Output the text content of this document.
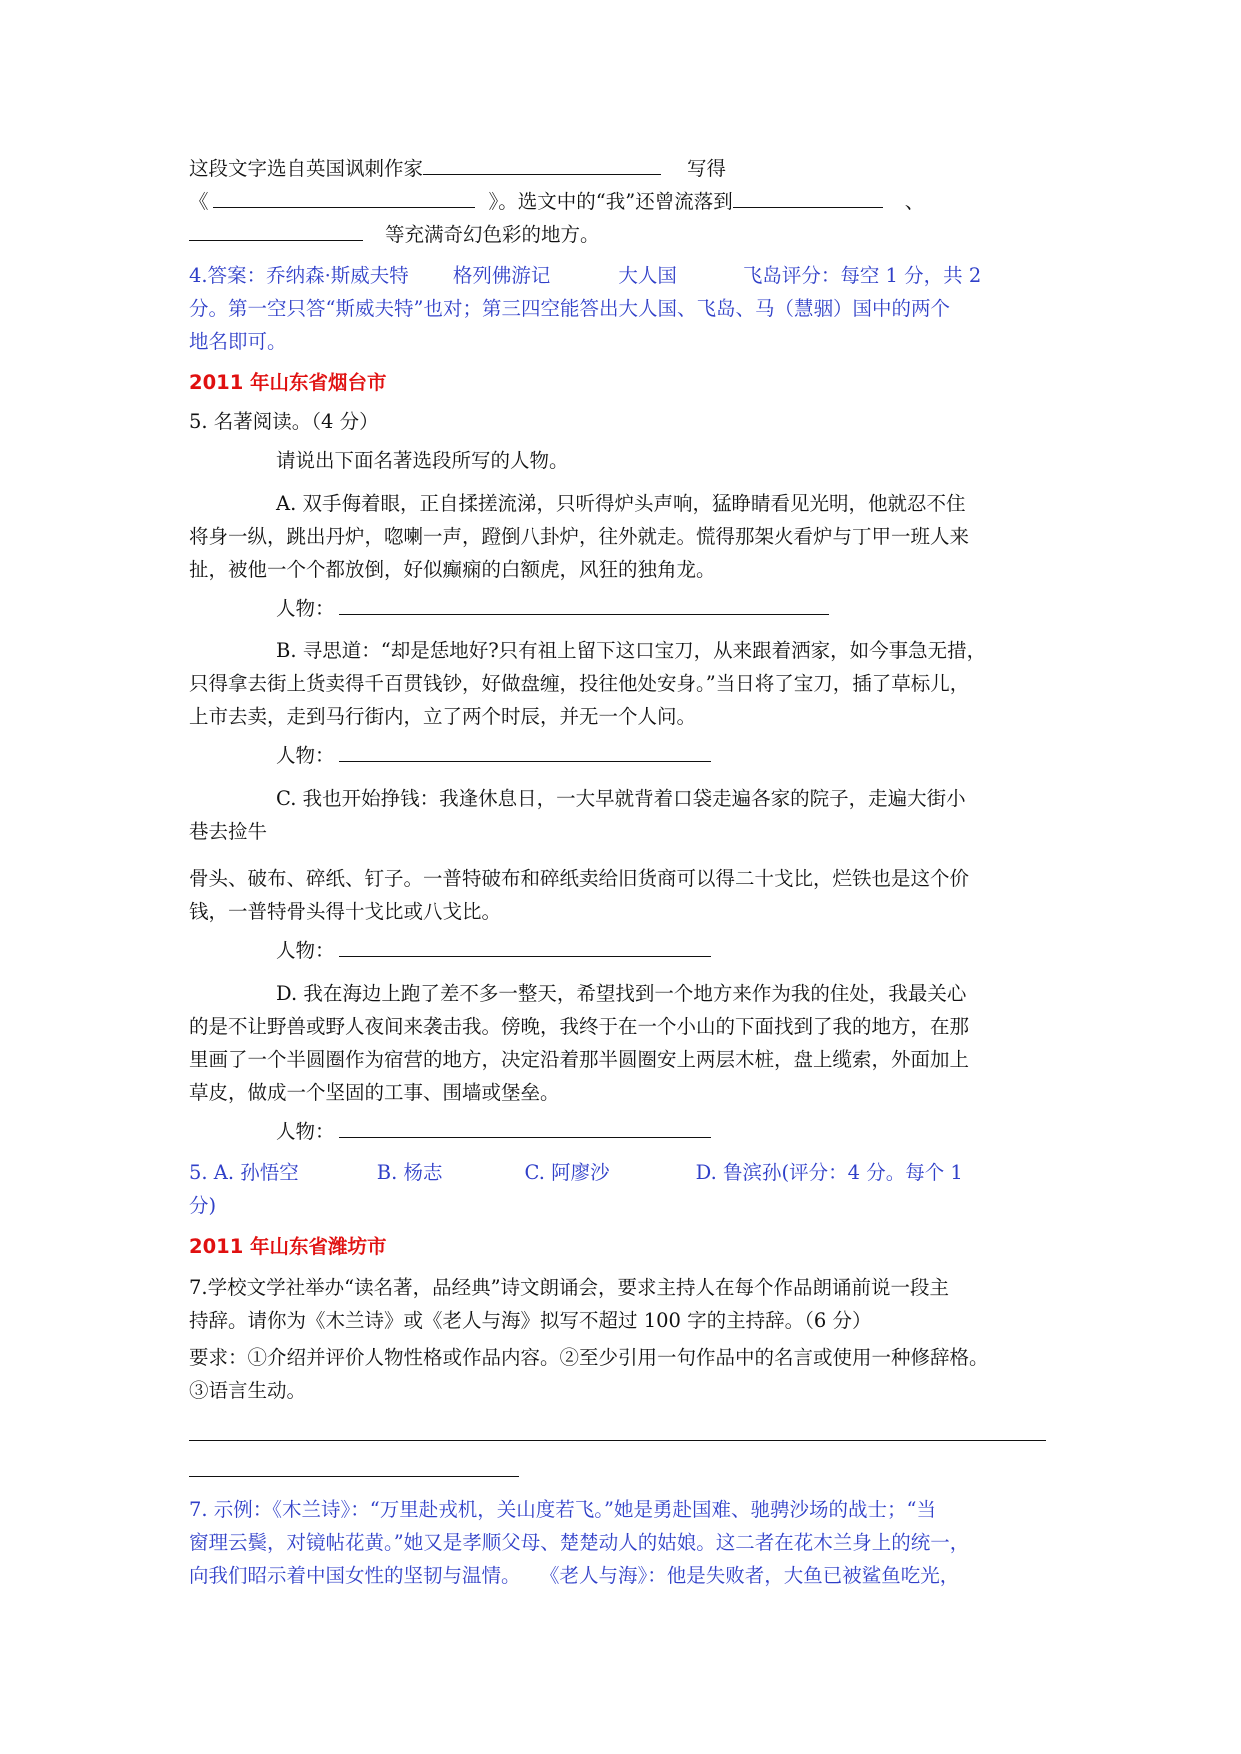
这段文字选自英国讽刺作家	写得
《	》。选文中的“我”还曾流落到	、
等充满奇幻色彩的地方。
4.答案：乔纳森·斯威夫特 格列佛游记	大人国	飞岛评分：每空 1 分，共 2
分。第一空只答“斯威夫特”也对；第三四空能答出大人国、飞岛、马（慧骃）国中的两个
地名即可。
2011 年山东省烟台市
5. 名著阅读。（4 分）
请说出下面名著选段所写的人物。
A. 双手侮着眼，正自揉搓流涕，只听得炉头声响，猛睁睛看见光明，他就忍不住
将身一纵，跳出丹炉，唿喇一声，蹬倒八卦炉，往外就走。慌得那架火看炉与丁甲一班人来
扯，被他一个个都放倒，好似癫痫的白额虎，风狂的独角龙。
人物：
B. 寻思道：“却是恁地好?只有祖上留下这口宝刀，从来跟着洒家，如今事急无措，
只得拿去街上货卖得千百贯钱钞，好做盘缠，投往他处安身。”当日将了宝刀，插了草标儿，
上市去卖，走到马行街内，立了两个时辰，并无一个人问。
人物：
C. 我也开始挣钱：我逢休息日，一大早就背着口袋走遍各家的院子，走遍大街小
巷去捡牛
骨头、破布、碎纸、钉子。一普特破布和碎纸卖给旧货商可以得二十戈比，烂铁也是这个价
钱，一普特骨头得十戈比或八戈比。
人物：
D. 我在海边上跑了差不多一整天，希望找到一个地方来作为我的住处，我最关心
的是不让野兽或野人夜间来袭击我。傍晚，我终于在一个小山的下面找到了我的地方，在那
里画了一个半圆圈作为宿营的地方，决定沿着那半圆圈安上两层木桩，盘上缆索，外面加上
草皮，做成一个坚固的工事、围墙或堡垒。
人物：
5. A. 孙悟空	B. 杨志	C. 阿廖沙	D. 鲁滨孙(评分：4 分。每个 1
分)
2011 年山东省潍坊市
7.学校文学社举办“读名著，品经典”诗文朗诵会，要求主持人在每个作品朗诵前说一段主
持辞。请你为《木兰诗》或《老人与海》拟写不超过 100 字的主持辞。（6 分）
要求：①介绍并评价人物性格或作品内容。②至少引用一句作品中的名言或使用一种修辞格。
③语言生动。
7. 示例：《木兰诗》：“万里赴戎机，关山度若飞。”她是勇赴国难、驰骋沙场的战士；“当
窗理云鬓，对镜帖花黄。”她又是孝顺父母、楚楚动人的姑娘。这二者在花木兰身上的统一，
向我们昭示着中国女性的坚韧与温情。　　《老人与海》：他是失败者，大鱼已被鲨鱼吃光，
